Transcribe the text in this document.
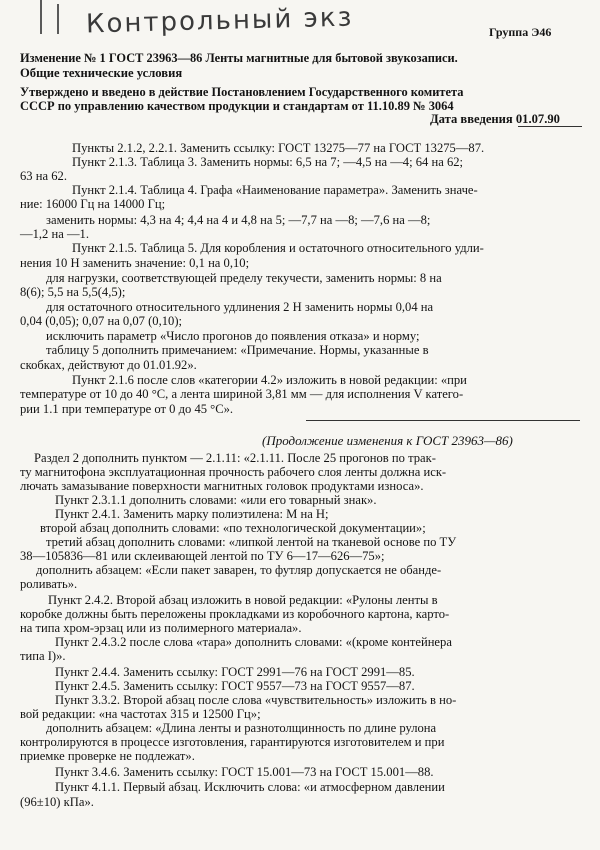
Контрольный экз	Группа Э46
Изменение № 1 ГОСТ 23963—86 Ленты магнитные для бытовой звукозаписи.
Общие технические условия
Утверждено и введено в действие Постановлением Государственного комитета
СССР по управлению качеством продукции и стандартам от 11.10.89 № 3064
Дата введения 01.07.90
Пункты 2.1.2, 2.2.1. Заменить ссылку: ГОСТ 13275—77 на ГОСТ 13275—87.
Пункт 2.1.3. Таблица 3. Заменить нормы: 6,5 на 7; —4,5 на —4; 64 на 62;
63 на 62.
Пункт 2.1.4. Таблица 4. Графа «Наименование параметра». Заменить значе-
ние: 16000 Гц на 14000 Гц;
заменить нормы: 4,3 на 4; 4,4 на 4 и 4,8 на 5; —7,7 на —8; —7,6 на —8;
—1,2 на —1.
Пункт 2.1.5. Таблица 5. Для коробления и остаточного относительного удли-
нения 10 Н заменить значение: 0,1 на 0,10;
для нагрузки, соответствующей пределу текучести, заменить нормы: 8 на
8(6); 5,5 на 5,5(4,5);
для остаточного относительного удлинения 2 Н заменить нормы 0,04 на
0,04 (0,05); 0,07 на 0,07 (0,10);
исключить параметр «Число прогонов до появления отказа» и норму;
таблицу 5 дополнить примечанием: «Примечание. Нормы, указанные в
скобках, действуют до 01.01.92».
Пункт 2.1.6 после слов «категории 4.2» изложить в новой редакции: «при
температуре от 10 до 40 °С, а лента шириной 3,81 мм — для исполнения V катего-
рии 1.1 при температуре от 0 до 45 °С».
(Продолжение изменения к ГОСТ 23963—86)
Раздел 2 дополнить пунктом — 2.1.11: «2.1.11. После 25 прогонов по трак-
ту магнитофона эксплуатационная прочность рабочего слоя ленты должна иск-
лючать замазывание поверхности магнитных головок продуктами износа».
Пункт 2.3.1.1 дополнить словами: «или его товарный знак».
Пункт 2.4.1. Заменить марку полиэтилена: М на Н;
второй абзац дополнить словами: «по технологической документации»;
третий абзац дополнить словами: «липкой лентой на тканевой основе по ТУ
38—105836—81 или склеивающей лентой по ТУ 6—17—626—75»;
дополнить абзацем: «Если пакет заварен, то футляр допускается не обанде-
роливать».
Пункт 2.4.2. Второй абзац изложить в новой редакции: «Рулоны ленты в
коробке должны быть переложены прокладками из коробочного картона, карто-
на типа хром-эрзац или из полимерного материала».
Пункт 2.4.3.2 после слова «тара» дополнить словами: «(кроме контейнера
типа I)».
Пункт 2.4.4. Заменить ссылку: ГОСТ 2991—76 на ГОСТ 2991—85.
Пункт 2.4.5. Заменить ссылку: ГОСТ 9557—73 на ГОСТ 9557—87.
Пункт 3.3.2. Второй абзац после слова «чувствительность» изложить в но-
вой редакции: «на частотах 315 и 12500 Гц»;
дополнить абзацем: «Длина ленты и разнотолщинность по длине рулона
контролируются в процессе изготовления, гарантируются изготовителем и при
приемке проверке не подлежат».
Пункт 3.4.6. Заменить ссылку: ГОСТ 15.001—73 на ГОСТ 15.001—88.
Пункт 4.1.1. Первый абзац. Исключить слова: «и атмосферном давлении
(96±10) кПа».
